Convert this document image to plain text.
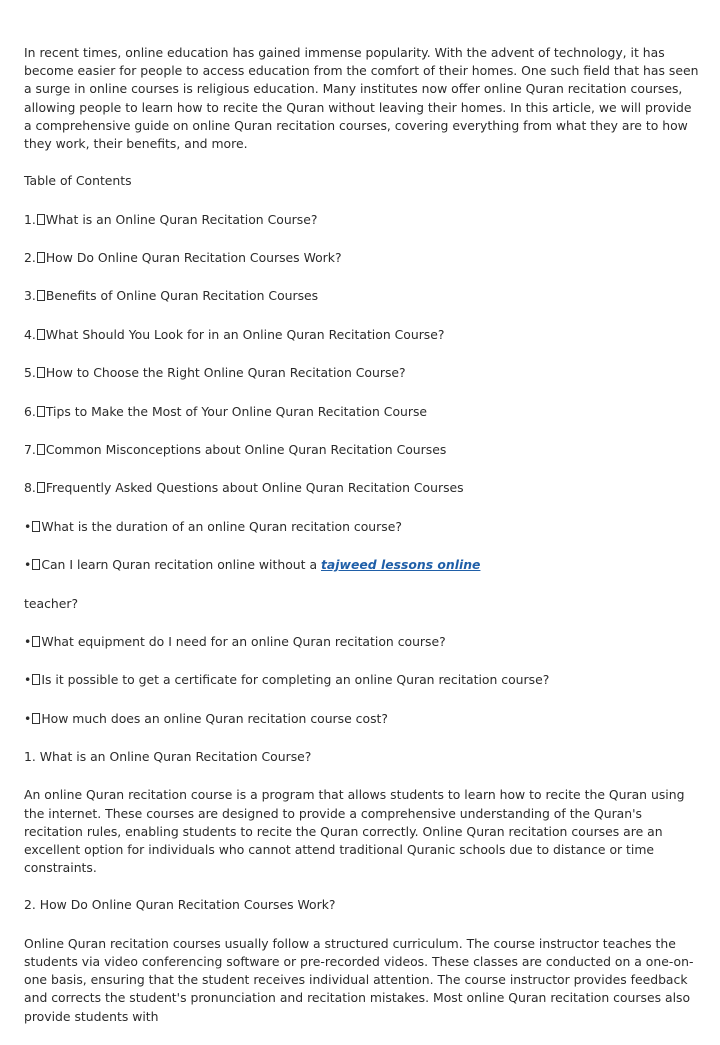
In recent times, online education has gained immense popularity. With the advent of technology, it has become easier for people to access education from the comfort of their homes. One such field that has seen a surge in online courses is religious education. Many institutes now offer online Quran recitation courses, allowing people to learn how to recite the Quran without leaving their homes. In this article, we will provide a comprehensive guide on online Quran recitation courses, covering everything from what they are to how they work, their benefits, and more.

Table of Contents

1. What is an Online Quran Recitation Course?

2. How Do Online Quran Recitation Courses Work?

3. Benefits of Online Quran Recitation Courses

4. What Should You Look for in an Online Quran Recitation Course?

5. How to Choose the Right Online Quran Recitation Course?

6. Tips to Make the Most of Your Online Quran Recitation Course

7. Common Misconceptions about Online Quran Recitation Courses

8. Frequently Asked Questions about Online Quran Recitation Courses

• What is the duration of an online Quran recitation course?

• Can I learn Quran recitation online without a tajweed lessons online

teacher?

• What equipment do I need for an online Quran recitation course?

• Is it possible to get a certificate for completing an online Quran recitation course?

• How much does an online Quran recitation course cost?

1. What is an Online Quran Recitation Course?

An online Quran recitation course is a program that allows students to learn how to recite the Quran using the internet. These courses are designed to provide a comprehensive understanding of the Quran's recitation rules, enabling students to recite the Quran correctly. Online Quran recitation courses are an excellent option for individuals who cannot attend traditional Quranic schools due to distance or time constraints.

2. How Do Online Quran Recitation Courses Work?

Online Quran recitation courses usually follow a structured curriculum. The course instructor teaches the students via video conferencing software or pre-recorded videos. These classes are conducted on a one-on-one basis, ensuring that the student receives individual attention. The course instructor provides feedback and corrects the student's pronunciation and recitation mistakes. Most online Quran recitation courses also provide students with
